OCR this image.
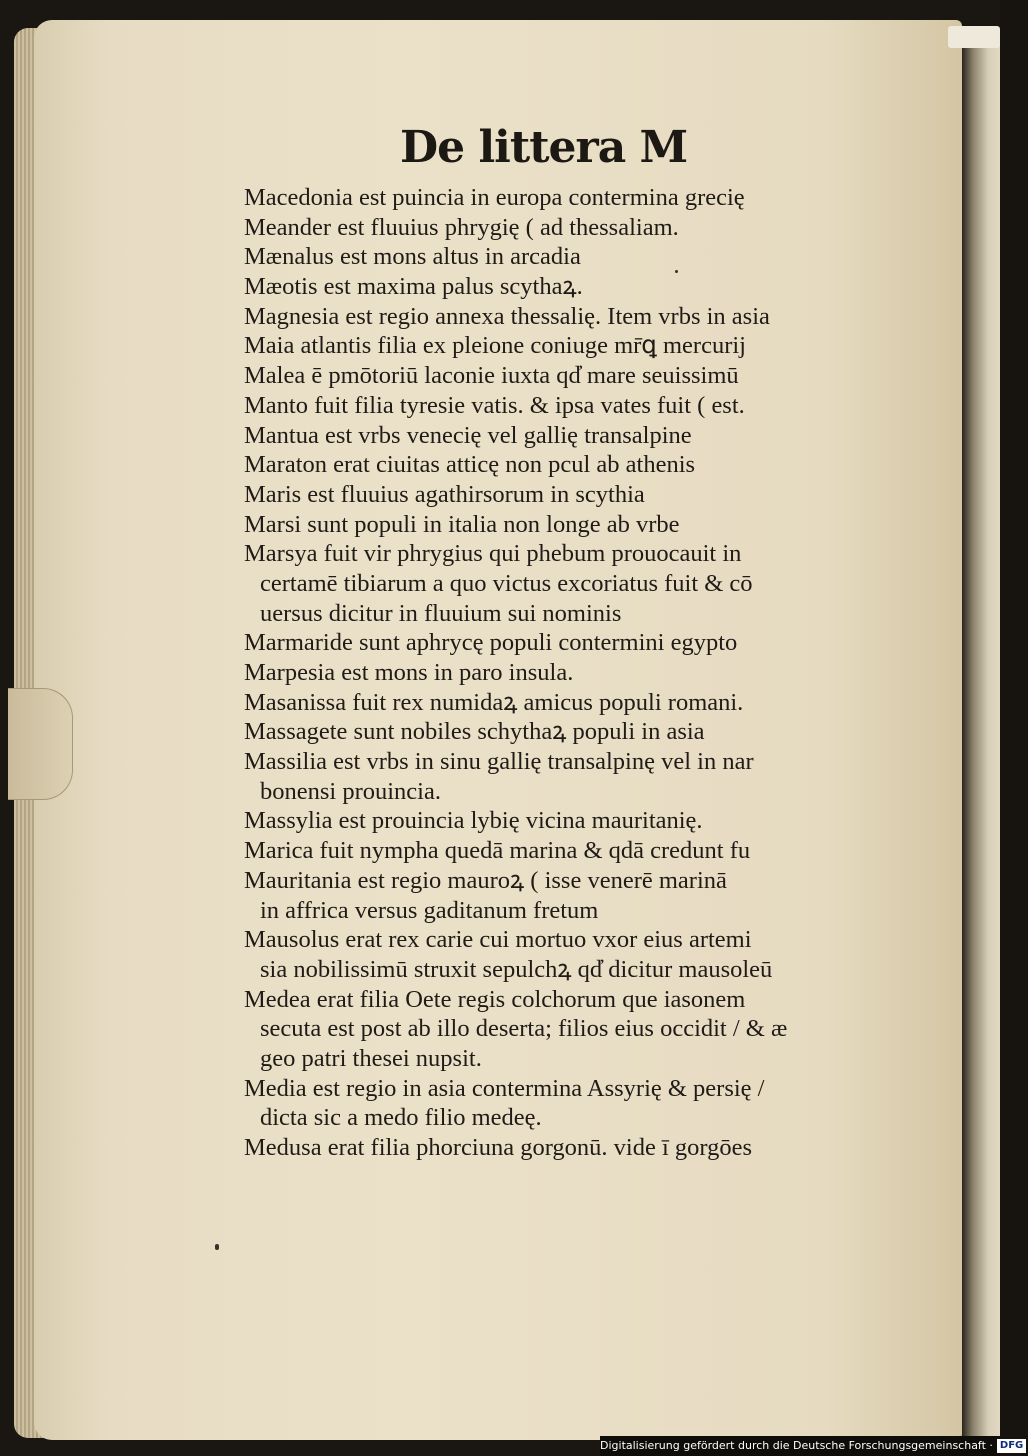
De littera M
Macedonia est puincia in europa contermina grecię
Meander est fluuius phrygię ( ad thessaliam.
Mænalus est mons altus in arcadia
Mæotis est maxima palus scythaꝝ.
Magnesia est regio annexa thessalię. Item vrbs in asia
Maia atlantis filia ex pleione coniuge mr̄ꝗ mercurij
Malea ē pmōtoriū laconie iuxta qd̓ mare seuissimū
Manto fuit filia tyresie vatis. & ipsa vates fuit ( est.
Mantua est vrbs venecię vel gallię transalpine
Maraton erat ciuitas atticę non pcul ab athenis
Maris est fluuius agathirsorum in scythia
Marsi sunt populi in italia non longe ab vrbe
Marsya fuit vir phrygius qui phebum prouocauit in
certamē tibiarum a quo victus excoriatus fuit & cō
uersus dicitur in fluuium sui nominis
Marmaride sunt aphrycę populi contermini egypto
Marpesia est mons in paro insula.
Masanissa fuit rex numidaꝝ amicus populi romani.
Massagete sunt nobiles schythaꝝ populi in asia
Massilia est vrbs in sinu gallię transalpinę vel in nar
bonensi prouincia.
Massylia est prouincia lybię vicina mauritanię.
Marica fuit nympha quedā marina & qdā credunt fu
Mauritania est regio mauroꝝ ( isse venerē marinā
in affrica versus gaditanum fretum
Mausolus erat rex carie cui mortuo vxor eius artemi
sia nobilissimū struxit sepulchꝝ qd̓ dicitur mausoleū
Medea erat filia Oete regis colchorum que iasonem
secuta est post ab illo deserta; filios eius occidit / & æ
geo patri thesei nupsit.
Media est regio in asia contermina Assyrię & persię /
dicta sic a medo filio medeę.
Medusa erat filia phorciuna gorgonū. vide ī gorgōes
Digitalisierung gefördert durch die Deutsche Forschungsgemeinschaft · DFG
